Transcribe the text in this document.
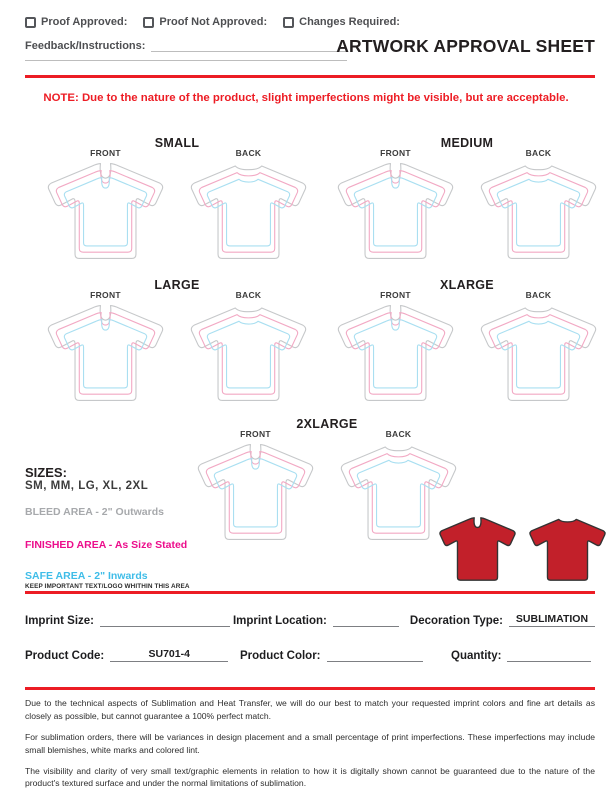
Proof Approved:	Proof Not Approved:	Changes Required:
Feedback/Instructions:	ARTWORK APPROVAL SHEET
NOTE: Due to the nature of the product, slight imperfections might be visible, but are acceptable.
SMALL
FRONT	BACK
MEDIUM
FRONT	BACK
LARGE
FRONT	BACK
XLARGE
FRONT	BACK
2XLARGE
FRONT	BACK
SIZES:
SM, MM, LG, XL, 2XL
BLEED AREA - 2" Outwards
FINISHED AREA - As Size Stated
SAFE AREA - 2" Inwards
KEEP IMPORTANT TEXT/LOGO WHITHIN THIS AREA
Imprint Size:	Imprint Location:	Decoration Type:	SUBLIMATION
Product Code:	SU701-4	Product Color:	Quantity:

Due to the technical aspects of Sublimation and Heat Transfer, we will do our best to match your requested imprint colors and fine art details as closely as possible, but cannot guarantee a 100% perfect match.

For sublimation orders, there will be variances in design placement and a small percentage of print imperfections. These imperfections may include small blemishes, white marks and colored lint.

The visibility and clarity of very small text/graphic elements in relation to how it is digitally shown cannot be guaranteed due to the nature of the product's textured surface and under the normal limitations of sublimation.
